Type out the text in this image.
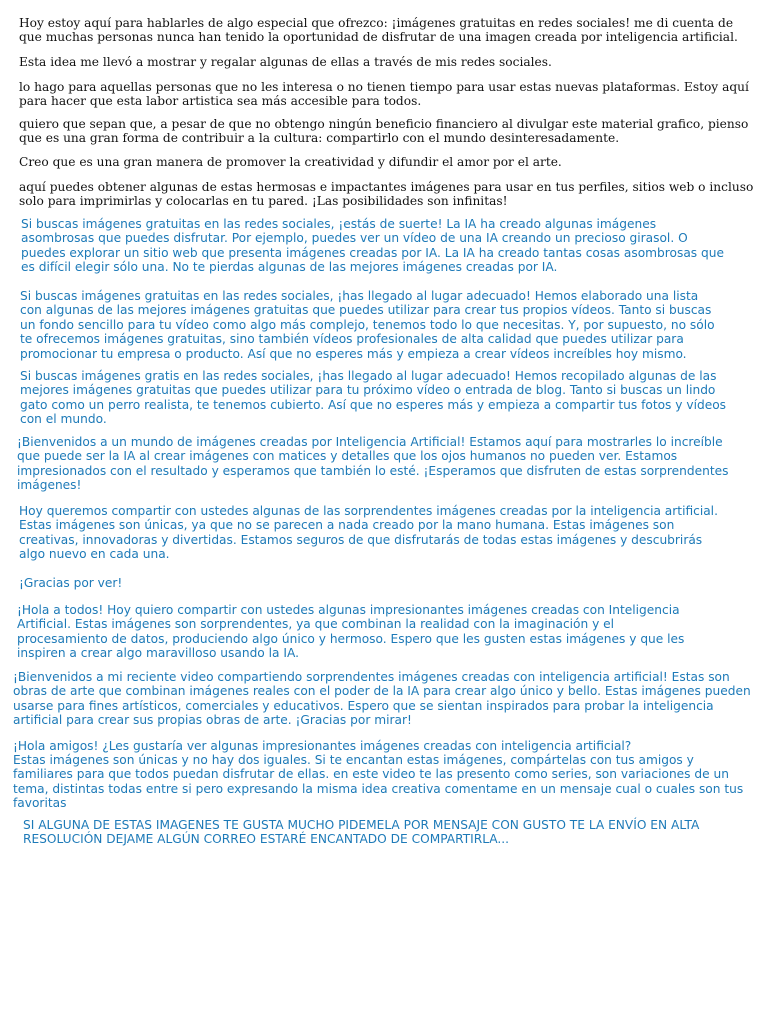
Hoy estoy aquí para hablarles de algo especial que ofrezco: ¡imágenes gratuitas en redes sociales! me di cuenta de que muchas personas nunca han tenido la oportunidad de disfrutar de una imagen creada por inteligencia artificial.

Esta idea me llevó a mostrar y regalar algunas de ellas a través de mis redes sociales.

lo hago para aquellas personas que no les interesa o no tienen tiempo para usar estas nuevas plataformas. Estoy aquí para hacer que esta labor artistica sea más accesible para todos.

quiero que sepan que, a pesar de que no obtengo ningún beneficio financiero al divulgar este material grafico, pienso que es una gran forma de contribuir a la cultura: compartirlo con el mundo desinteresadamente.

Creo que es una gran manera de promover la creatividad y difundir el amor por el arte.

aquí puedes obtener algunas de estas hermosas e impactantes imágenes para usar en tus perfiles, sitios web o incluso solo para imprimirlas y colocarlas en tu pared. ¡Las posibilidades son infinitas!

Si buscas imágenes gratuitas en las redes sociales, ¡estás de suerte! La IA ha creado algunas imágenes asombrosas que puedes disfrutar. Por ejemplo, puedes ver un vídeo de una IA creando un precioso girasol. O puedes explorar un sitio web que presenta imágenes creadas por IA. La IA ha creado tantas cosas asombrosas que es difícil elegir sólo una. No te pierdas algunas de las mejores imágenes creadas por IA.

Si buscas imágenes gratuitas en las redes sociales, ¡has llegado al lugar adecuado! Hemos elaborado una lista con algunas de las mejores imágenes gratuitas que puedes utilizar para crear tus propios vídeos. Tanto si buscas un fondo sencillo para tu vídeo como algo más complejo, tenemos todo lo que necesitas. Y, por supuesto, no sólo te ofrecemos imágenes gratuitas, sino también vídeos profesionales de alta calidad que puedes utilizar para promocionar tu empresa o producto. Así que no esperes más y empieza a crear vídeos increíbles hoy mismo.

Si buscas imágenes gratis en las redes sociales, ¡has llegado al lugar adecuado! Hemos recopilado algunas de las mejores imágenes gratuitas que puedes utilizar para tu próximo vídeo o entrada de blog. Tanto si buscas un lindo gato como un perro realista, te tenemos cubierto. Así que no esperes más y empieza a compartir tus fotos y vídeos con el mundo.

¡Bienvenidos a un mundo de imágenes creadas por Inteligencia Artificial! Estamos aquí para mostrarles lo increíble que puede ser la IA al crear imágenes con matices y detalles que los ojos humanos no pueden ver. Estamos impresionados con el resultado y esperamos que también lo esté. ¡Esperamos que disfruten de estas sorprendentes imágenes!

Hoy queremos compartir con ustedes algunas de las sorprendentes imágenes creadas por la inteligencia artificial. Estas imágenes son únicas, ya que no se parecen a nada creado por la mano humana. Estas imágenes son creativas, innovadoras y divertidas. Estamos seguros de que disfrutarás de todas estas imágenes y descubrirás algo nuevo en cada una.

¡Gracias por ver!

¡Hola a todos! Hoy quiero compartir con ustedes algunas impresionantes imágenes creadas con Inteligencia Artificial. Estas imágenes son sorprendentes, ya que combinan la realidad con la imaginación y el procesamiento de datos, produciendo algo único y hermoso. Espero que les gusten estas imágenes y que les inspiren a crear algo maravilloso usando la IA.

¡Bienvenidos a mi reciente video compartiendo sorprendentes imágenes creadas con inteligencia artificial! Estas son obras de arte que combinan imágenes reales con el poder de la IA para crear algo único y bello. Estas imágenes pueden usarse para fines artísticos, comerciales y educativos. Espero que se sientan inspirados para probar la inteligencia artificial para crear sus propias obras de arte. ¡Gracias por mirar!

¡Hola amigos! ¿Les gustaría ver algunas impresionantes imágenes creadas con inteligencia artificial?

Estas imágenes son únicas y no hay dos iguales. Si te encantan estas imágenes, compártelas con tus amigos y familiares para que todos puedan disfrutar de ellas. en este video te las presento como series, son variaciones de un tema, distintas todas entre si pero expresando la misma idea creativa comentame en un mensaje cual o cuales son tus favoritas

SI ALGUNA DE ESTAS IMAGENES TE GUSTA MUCHO PIDEMELA POR MENSAJE CON GUSTO TE LA ENVÍO EN ALTA RESOLUCIÓN DEJAME ALGÚN CORREO ESTARÉ ENCANTADO DE COMPARTIRLA...
